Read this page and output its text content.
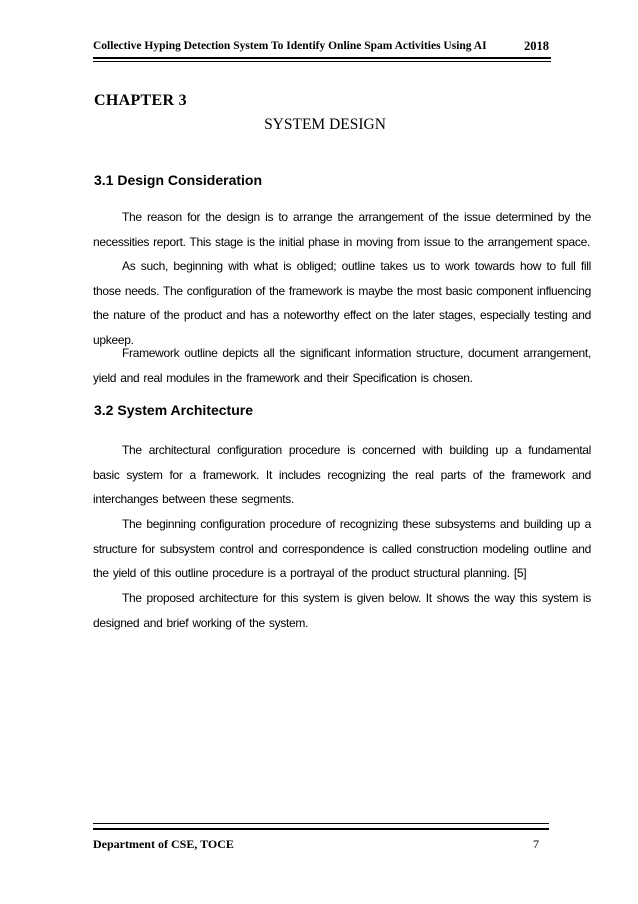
Collective Hyping Detection System To Identify Online Spam Activities Using AI	2018
CHAPTER 3
SYSTEM DESIGN
3.1 Design Consideration

The reason for the design is to arrange the arrangement of the issue determined by the necessities report. This stage is the initial phase in moving from issue to the arrangement space.

As such, beginning with what is obliged; outline takes us to work towards how to full fill those needs. The configuration of the framework is maybe the most basic component influencing the nature of the product and has a noteworthy effect on the later stages, especially testing and upkeep.

Framework outline depicts all the significant information structure, document arrangement, yield and real modules in the framework and their Specification is chosen.

3.2 System Architecture

The architectural configuration procedure is concerned with building up a fundamental basic system for a framework. It includes recognizing the real parts of the framework and interchanges between these segments.

The beginning configuration procedure of recognizing these subsystems and building up a structure for subsystem control and correspondence is called construction modeling outline and the yield of this outline procedure is a portrayal of the product structural planning. [5]

The proposed architecture for this system is given below. It shows the way this system is designed and brief working of the system.

Department of CSE, TOCE	7
